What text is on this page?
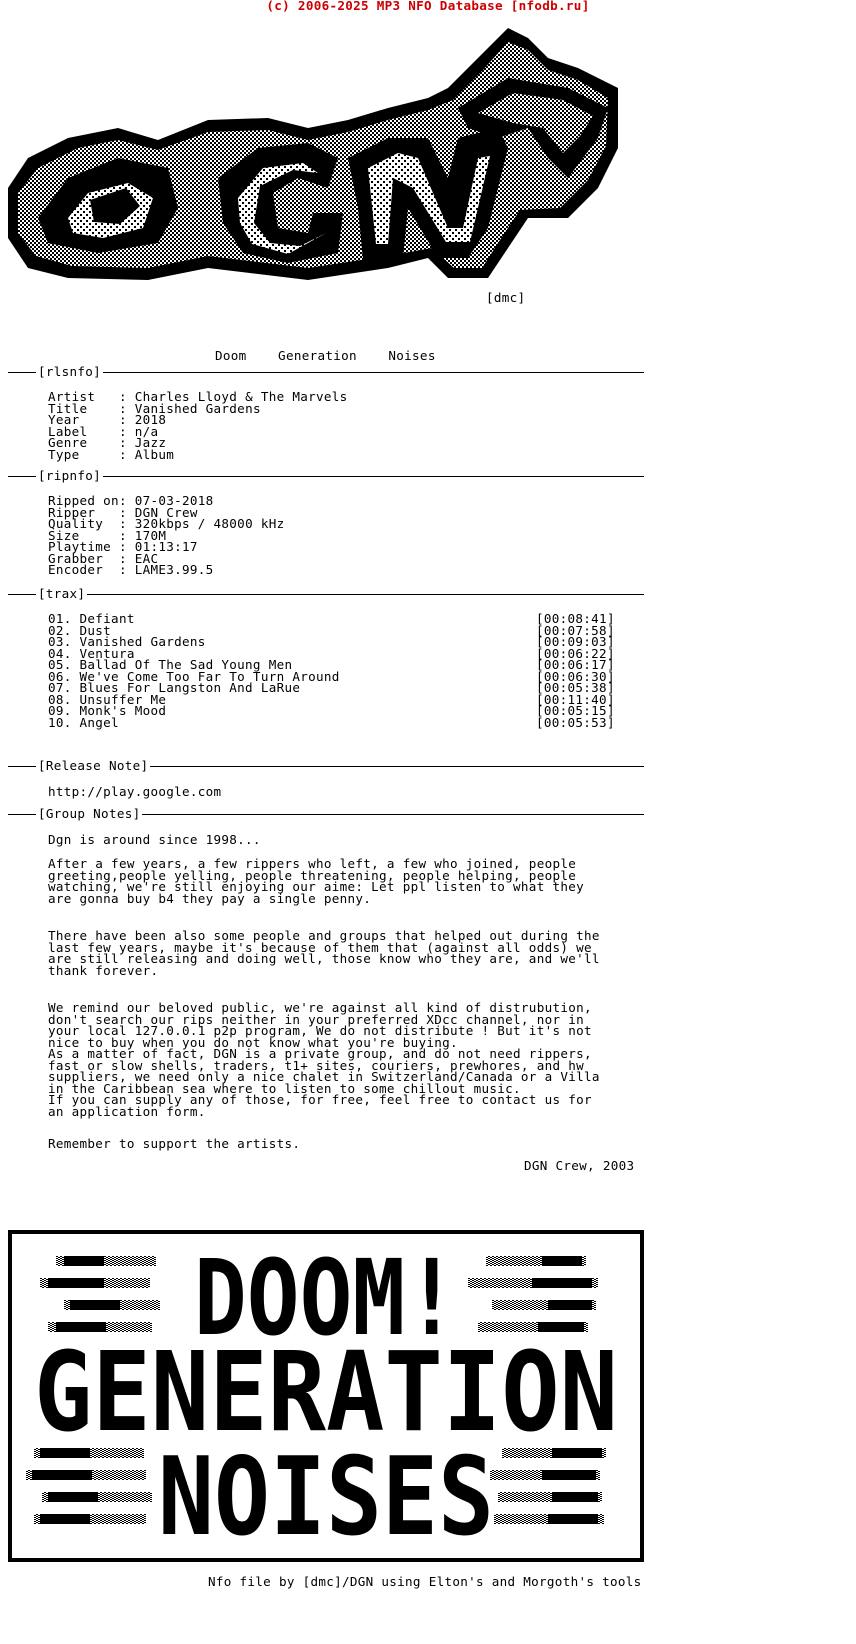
(c) 2006-2025 MP3 NFO Database [nfodb.ru]
[dmc]
Doom    Generation    Noises
[rlsnfo]
Artist   : Charles Lloyd & The Marvels
Title    : Vanished Gardens
Year     : 2018
Label    : n/a
Genre    : Jazz
Type     : Album
[ripnfo]
Ripped on: 07-03-2018
Ripper   : DGN Crew
Quality  : 320kbps / 48000 kHz
Size     : 170M
Playtime : 01:13:17
Grabber  : EAC
Encoder  : LAME3.99.5
[trax]
01. Defiant	[00:08:41]
02. Dust	[00:07:58]
03. Vanished Gardens	[00:09:03]
04. Ventura	[00:06:22]
05. Ballad Of The Sad Young Men	[00:06:17]
06. We've Come Too Far To Turn Around	[00:06:30]
07. Blues For Langston And LaRue	[00:05:38]
08. Unsuffer Me	[00:11:40]
09. Monk's Mood	[00:05:15]
10. Angel	[00:05:53]
[Release Note]
http://play.google.com
[Group Notes]
Dgn is around since 1998...
After a few years, a few rippers who left, a few who joined, people
greeting,people yelling, people threatening, people helping, people
watching, we're still enjoying our aime: Let ppl listen to what they
are gonna buy b4 they pay a single penny.
There have been also some people and groups that helped out during the
last few years, maybe it's because of them that (against all odds) we
are still releasing and doing well, those know who they are, and we'll
thank forever.
We remind our beloved public, we're against all kind of distrubution,
don't search our rips neither in your preferred XDcc channel, nor in
your local 127.0.0.1 p2p program, We do not distribute ! But it's not
nice to buy when you do not know what you're buying.
As a matter of fact, DGN is a private group, and do not need rippers,
fast or slow shells, traders, t1+ sites, couriers, prewhores, and hw
suppliers, we need only a nice chalet in Switzerland/Canada or a Villa
in the Caribbean sea where to listen to some chillout music.
If you can supply any of those, for free, feel free to contact us for
an application form.
Remember to support the artists.
DGN Crew, 2003
DOOM!
GENERATION
NOISES
Nfo file by [dmc]/DGN using Elton's and Morgoth's tools
